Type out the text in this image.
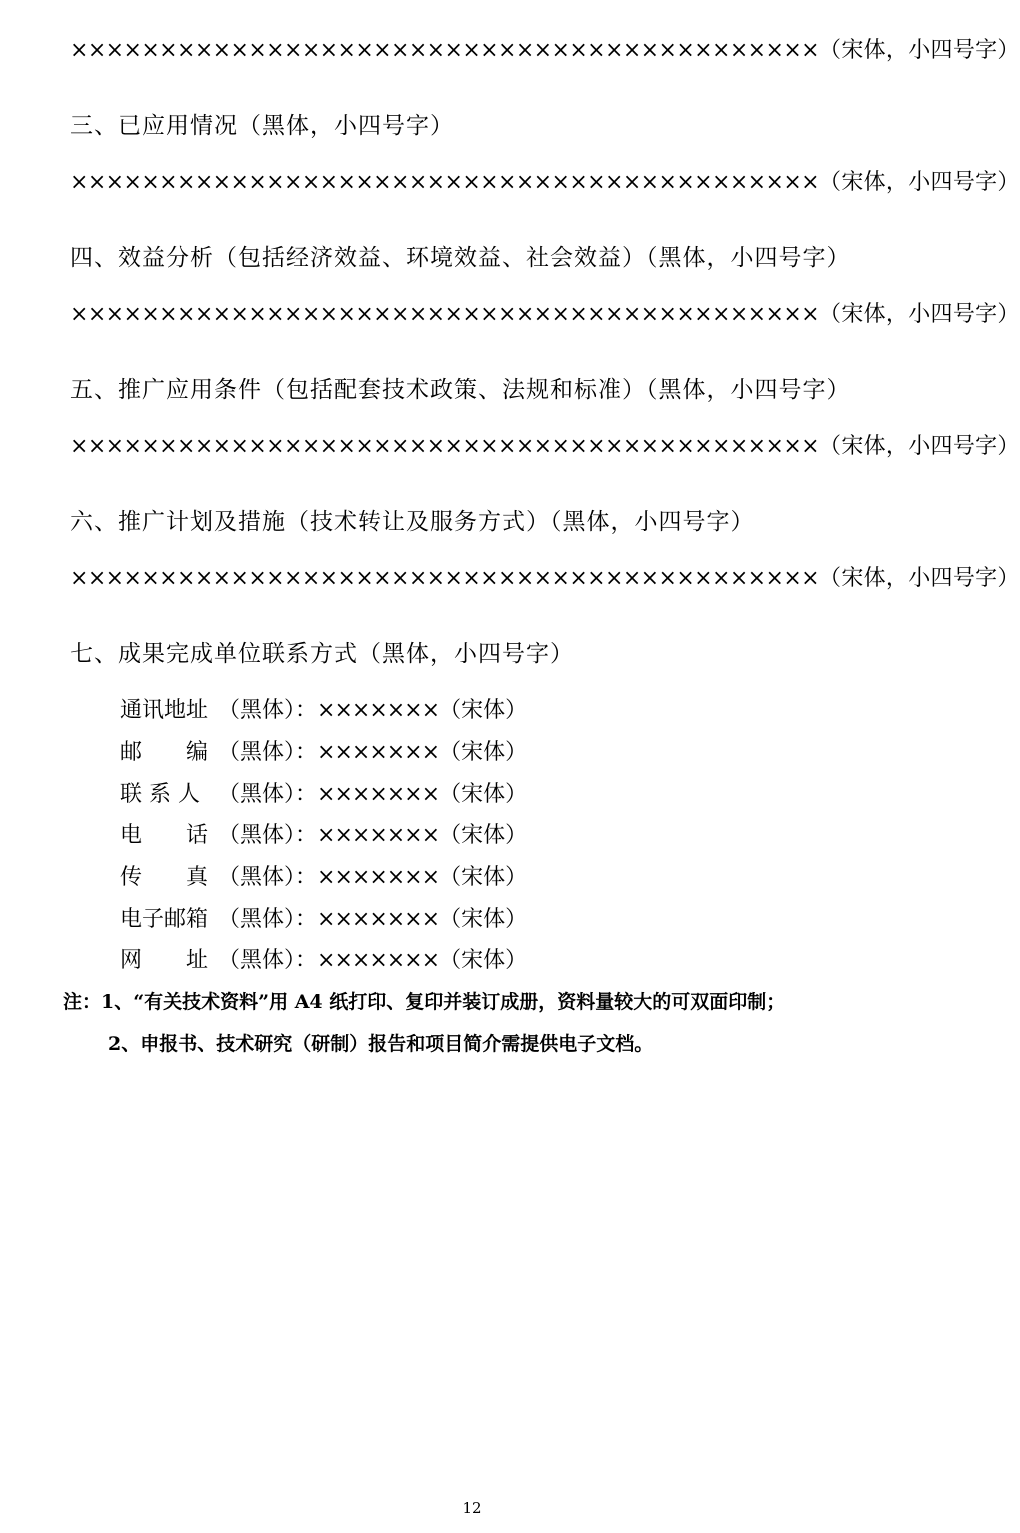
××××××××××××××××××××××××××××××××××××××××××（宋体，小四号字）
三、已应用情况（黑体，小四号字）
××××××××××××××××××××××××××××××××××××××××××（宋体，小四号字）
四、效益分析（包括经济效益、环境效益、社会效益）（黑体，小四号字）
××××××××××××××××××××××××××××××××××××××××××（宋体，小四号字）
五、推广应用条件（包括配套技术政策、法规和标准）（黑体，小四号字）
××××××××××××××××××××××××××××××××××××××××××（宋体，小四号字）
六、推广计划及措施（技术转让及服务方式）（黑体，小四号字）
××××××××××××××××××××××××××××××××××××××××××（宋体，小四号字）
七、成果完成单位联系方式（黑体，小四号字）
通讯地址 （黑体）：×××××××（宋体）
邮　　编 （黑体）：×××××××（宋体）
联 系 人 （黑体）：×××××××（宋体）
电　　话 （黑体）：×××××××（宋体）
传　　真 （黑体）：×××××××（宋体）
电子邮箱 （黑体）：×××××××（宋体）
网　　址 （黑体）：×××××××（宋体）
注：1、“有关技术资料”用 A4 纸打印、复印并装订成册，资料量较大的可双面印制；
2、申报书、技术研究（研制）报告和项目简介需提供电子文档。
12
